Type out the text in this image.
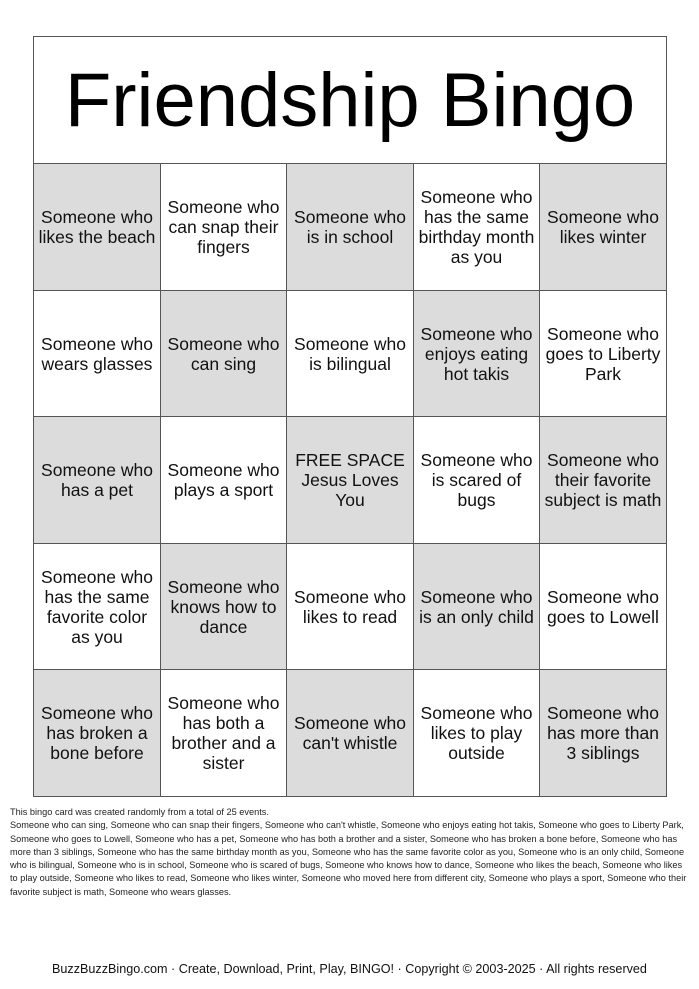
Friendship Bingo
Someone who likes the beach
Someone who can snap their fingers
Someone who is in school
Someone who has the same birthday month as you
Someone who likes winter
Someone who wears glasses
Someone who can sing
Someone who is bilingual
Someone who enjoys eating hot takis
Someone who goes to Liberty Park
Someone who has a pet
Someone who plays a sport
FREE SPACE Jesus Loves You
Someone who is scared of bugs
Someone who their favorite subject is math
Someone who has the same favorite color as you
Someone who knows how to dance
Someone who likes to read
Someone who is an only child
Someone who goes to Lowell
Someone who has broken a bone before
Someone who has both a brother and a sister
Someone who can't whistle
Someone who likes to play outside
Someone who has more than 3 siblings
This bingo card was created randomly from a total of 25 events.
Someone who can sing, Someone who can snap their fingers, Someone who can't whistle, Someone who enjoys eating hot takis, Someone who goes to Liberty Park, Someone who goes to Lowell, Someone who has a pet, Someone who has both a brother and a sister, Someone who has broken a bone before, Someone who has more than 3 siblings, Someone who has the same birthday month as you, Someone who has the same favorite color as you, Someone who is an only child, Someone who is bilingual, Someone who is in school, Someone who is scared of bugs, Someone who knows how to dance, Someone who likes the beach, Someone who likes to play outside, Someone who likes to read, Someone who likes winter, Someone who moved here from different city, Someone who plays a sport, Someone who their favorite subject is math, Someone who wears glasses.
BuzzBuzzBingo.com · Create, Download, Print, Play, BINGO! · Copyright © 2003-2025 · All rights reserved
